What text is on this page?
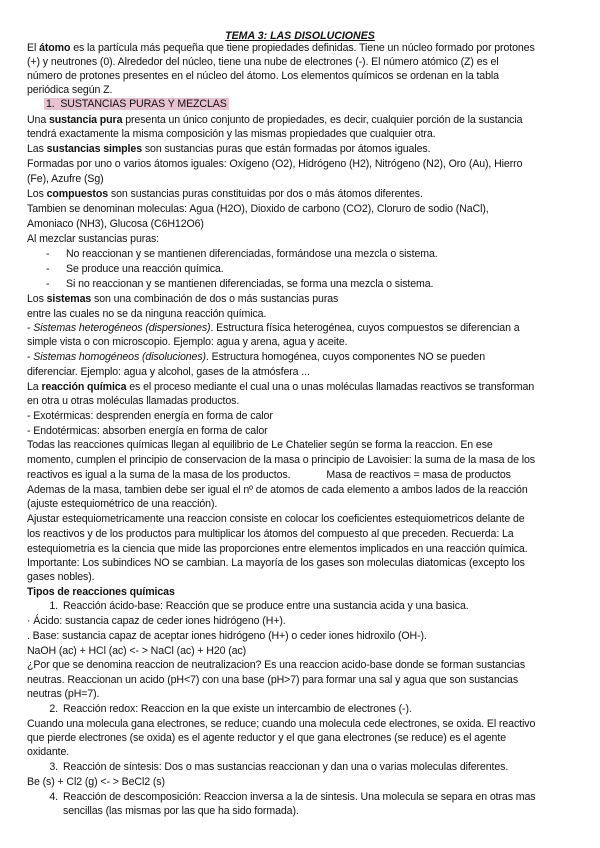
TEMA 3: LAS DISOLUCIONES
El átomo es la partícula más pequeña que tiene propiedades definidas. Tiene un núcleo formado por protones
(+) y neutrones (0). Alrededor del núcleo, tiene una nube de electrones (-). El número atómico (Z) es el
número de protones presentes en el núcleo del átomo. Los elementos químicos se ordenan en la tabla
periódica según Z.
1. SUSTANCIAS PURAS Y MEZCLAS
Una sustancia pura presenta un único conjunto de propiedades, es decir, cualquier porción de la sustancia
tendrá exactamente la misma composición y las mismas propiedades que cualquier otra.
Las sustancias simples son sustancias puras que están formadas por átomos iguales.
Formadas por uno o varios átomos iguales: Oxígeno (O2), Hidrógeno (H2), Nitrógeno (N2), Oro (Au), Hierro
(Fe), Azufre (Sg)
Los compuestos son sustancias puras constituidas por dos o más átomos diferentes.
Tambien se denominan moleculas: Agua (H2O), Dioxido de carbono (CO2), Cloruro de sodio (NaCl),
Amoniaco (NH3), Glucosa (C6H12O6)
Al mezclar sustancias puras:
- No reaccionan y se mantienen diferenciadas, formándose una mezcla o sistema.
- Se produce una reacción química.
- Si no reaccionan y se mantienen diferenciadas, se forma una mezcla o sistema.
Los sistemas son una combinación de dos o más sustancias puras
entre las cuales no se da ninguna reacción química.
- Sistemas heterogéneos (dispersiones). Estructura física heterogénea, cuyos compuestos se diferencian a
simple vista o con microscopio. Ejemplo: agua y arena, agua y aceite.
- Sistemas homogéneos (disoluciones). Estructura homogénea, cuyos componentes NO se pueden
diferenciar. Ejemplo: agua y alcohol, gases de la atmósfera ...
La reacción química es el proceso mediante el cual una o unas moléculas llamadas reactivos se transforman
en otra u otras moléculas llamadas productos.
- Exotérmicas: desprenden energía en forma de calor
- Endotérmicas: absorben energía en forma de calor
Todas las reacciones químicas llegan al equilibrio de Le Chatelier según se forma la reaccion. En ese
momento, cumplen el principio de conservacion de la masa o principio de Lavoisier: la suma de la masa de los
reactivos es igual a la suma de la masa de los productos.	Masa de reactivos = masa de productos
Ademas de la masa, tambien debe ser igual el nº de atomos de cada elemento a ambos lados de la reacción
(ajuste estequiométrico de una reacción).
Ajustar estequiometricamente una reaccion consiste en colocar los coeficientes estequiometricos delante de
los reactivos y de los productos para multiplicar los átomos del compuesto al que preceden. Recuerda: La
estequiometria es la ciencia que mide las proporciones entre elementos implicados en una reacción química.
Importante: Los subindices NO se cambian. La mayoría de los gases son moleculas diatomicas (excepto los
gases nobles).
Tipos de reacciones químicas
1. Reacción ácido-base: Reacción que se produce entre una sustancia acida y una basica.
· Ácido: sustancia capaz de ceder iones hidrógeno (H+).
. Base: sustancia capaz de aceptar iones hidrógeno (H+) o ceder iones hidroxilo (OH-).
NaOH (ac) + HCl (ac) <- > NaCl (ac) + H20 (ac)
¿Por que se denomina reaccion de neutralizacion? Es una reaccion acido-base donde se forman sustancias
neutras. Reaccionan un acido (pH<7) con una base (pH>7) para formar una sal y agua que son sustancias
neutras (pH=7).
2. Reacción redox: Reaccion en la que existe un intercambio de electrones (-).
Cuando una molecula gana electrones, se reduce; cuando una molecula cede electrones, se oxida. El reactivo
que pierde electrones (se oxida) es el agente reductor y el que gana electrones (se reduce) es el agente
oxidante.
3. Reacción de síntesis: Dos o mas sustancias reaccionan y dan una o varias moleculas diferentes.
Be (s) + Cl2 (g) <- > BeCl2 (s)
4. Reacción de descomposición: Reaccion inversa a la de sintesis. Una molecula se separa en otras mas
sencillas (las mismas por las que ha sido formada).
